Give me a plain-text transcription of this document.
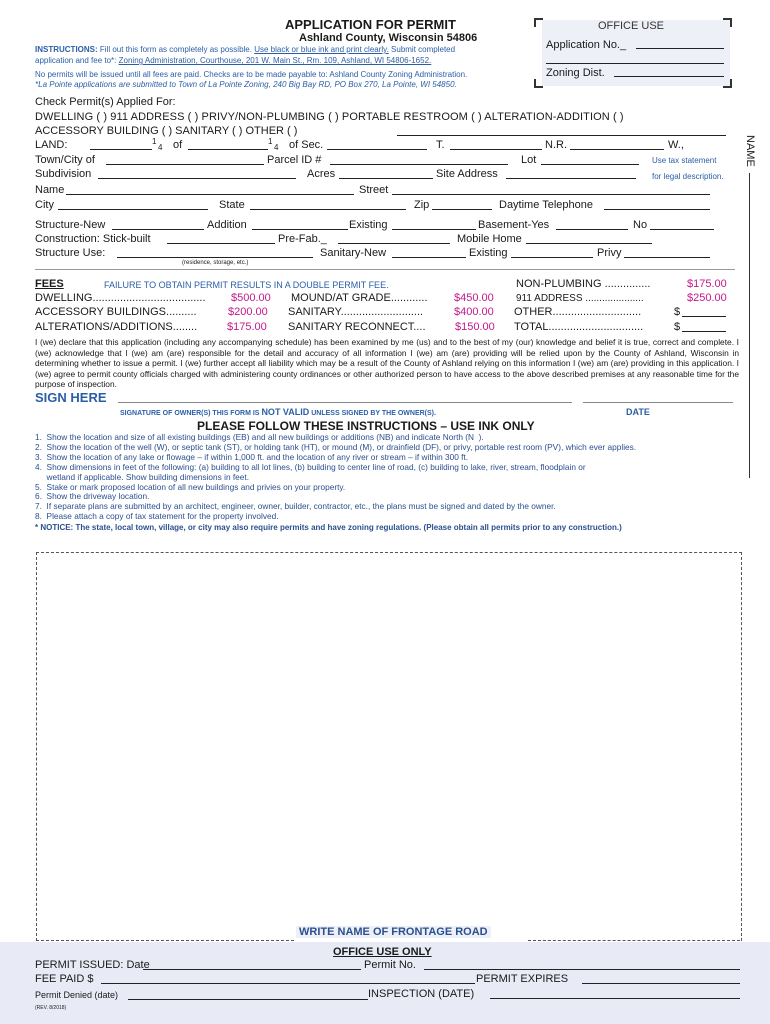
APPLICATION FOR PERMIT
Ashland County, Wisconsin 54806
INSTRUCTIONS: Fill out this form as completely as possible. Use black or blue ink and print clearly. Submit completed
application and fee to*: Zoning Administration, Courthouse, 201 W. Main St., Rm. 109, Ashland, WI 54806-1652.
No permits will be issued until all fees are paid. Checks are to be made payable to: Ashland County Zoning Administration.
*La Pointe applications are submitted to Town of La Pointe Zoning, 240 Big Bay RD, PO Box 270, La Pointe, WI 54850.
OFFICE USE
Application No._
Zoning Dist.
Check Permit(s) Applied For:
DWELLING ( ) 911 ADDRESS ( ) PRIVY/NON-PLUMBING ( ) PORTABLE RESTROOM ( ) ALTERATION-ADDITION ( )
ACCESSORY BUILDING ( ) SANITARY ( ) OTHER ( )
LAND:	1
4 of	1
4 of Sec.	T.	N.R.	W.,
Town/City of	Parcel ID #	Lot	Use tax statement
Subdivision	Acres	Site Address	for legal description.
Name	Street
City	State	Zip	Daytime Telephone
Structure-New	Addition	Existing	Basement-Yes	No
Construction: Stick-built	Pre-Fab._	Mobile Home
Structure Use:	Sanitary-New	Existing	Privy
(residence, storage, etc.)
FEES	FAILURE TO OBTAIN PERMIT RESULTS IN A DOUBLE PERMIT FEE.	NON-PLUMBING ...............	$175.00
DWELLING..................................... $500.00 MOUND/AT GRADE............ $450.00 911 ADDRESS .....................	$250.00
ACCESSORY BUILDINGS..........	$200.00 SANITARY...........................	$400.00 OTHER.............................	$
ALTERATIONS/ADDITIONS........	$175.00 SANITARY RECONNECT....	$150.00 TOTAL...............................	$
I (we) declare that this application (including any accompanying schedule) has been examined by me (us) and to the best of my (our) knowledge and belief it is true, correct and complete. I (we) acknowledge that I (we) am (are) responsible for the detail and accuracy of all information I (we) am (are) providing will be relied upon by the County of Ashland, Wisconsin in determining whether to issue a permit. I (we) further accept all liability which may be a result of the County of Ashland relying on this information I (we) am (are) providing in this application. I (we) agree to permit county officials charged with administering county ordinances or other authorized person to have access to the above described premises at any reasonable time for the purpose of inspection.
SIGN HERE
SIGNATURE OF OWNER(S) THIS FORM IS NOT VALID UNLESS SIGNED BY THE OWNER(S).	DATE
PLEASE FOLLOW THESE INSTRUCTIONS – USE INK ONLY
1.  Show the location and size of all existing buildings (EB) and all new buildings or additions (NB) and indicate North (N  ).
2.  Show the location of the well (W), or septic tank (ST), or holding tank (HT), or mound (M), or drainfield (DF), or privy, portable rest room (PV), which ever applies.
3.  Show the location of any lake or flowage – if within 1,000 ft. and the location of any river or stream – if within 300 ft.
4.  Show dimensions in feet of the following: (a) building to all lot lines, (b) building to center line of road, (c) building to lake, river, stream, floodplain or
wetland if applicable. Show building dimensions in feet.
5.  Stake or mark proposed location of all new buildings and privies on your property.
6.  Show the driveway location.
7.  If separate plans are submitted by an architect, engineer, owner, builder, contractor, etc., the plans must be signed and dated by the owner.
8.  Please attach a copy of tax statement for the property involved.
* NOTICE: The state, local town, village, or city may also require permits and have zoning regulations. (Please obtain all permits prior to any construction.)
NAME
WRITE NAME OF FRONTAGE ROAD
OFFICE USE ONLY
PERMIT ISSUED: Date	Permit No.
FEE PAID $	PERMIT EXPIRES
Permit Denied (date)	INSPECTION (DATE)
(REV. 8/2018)
